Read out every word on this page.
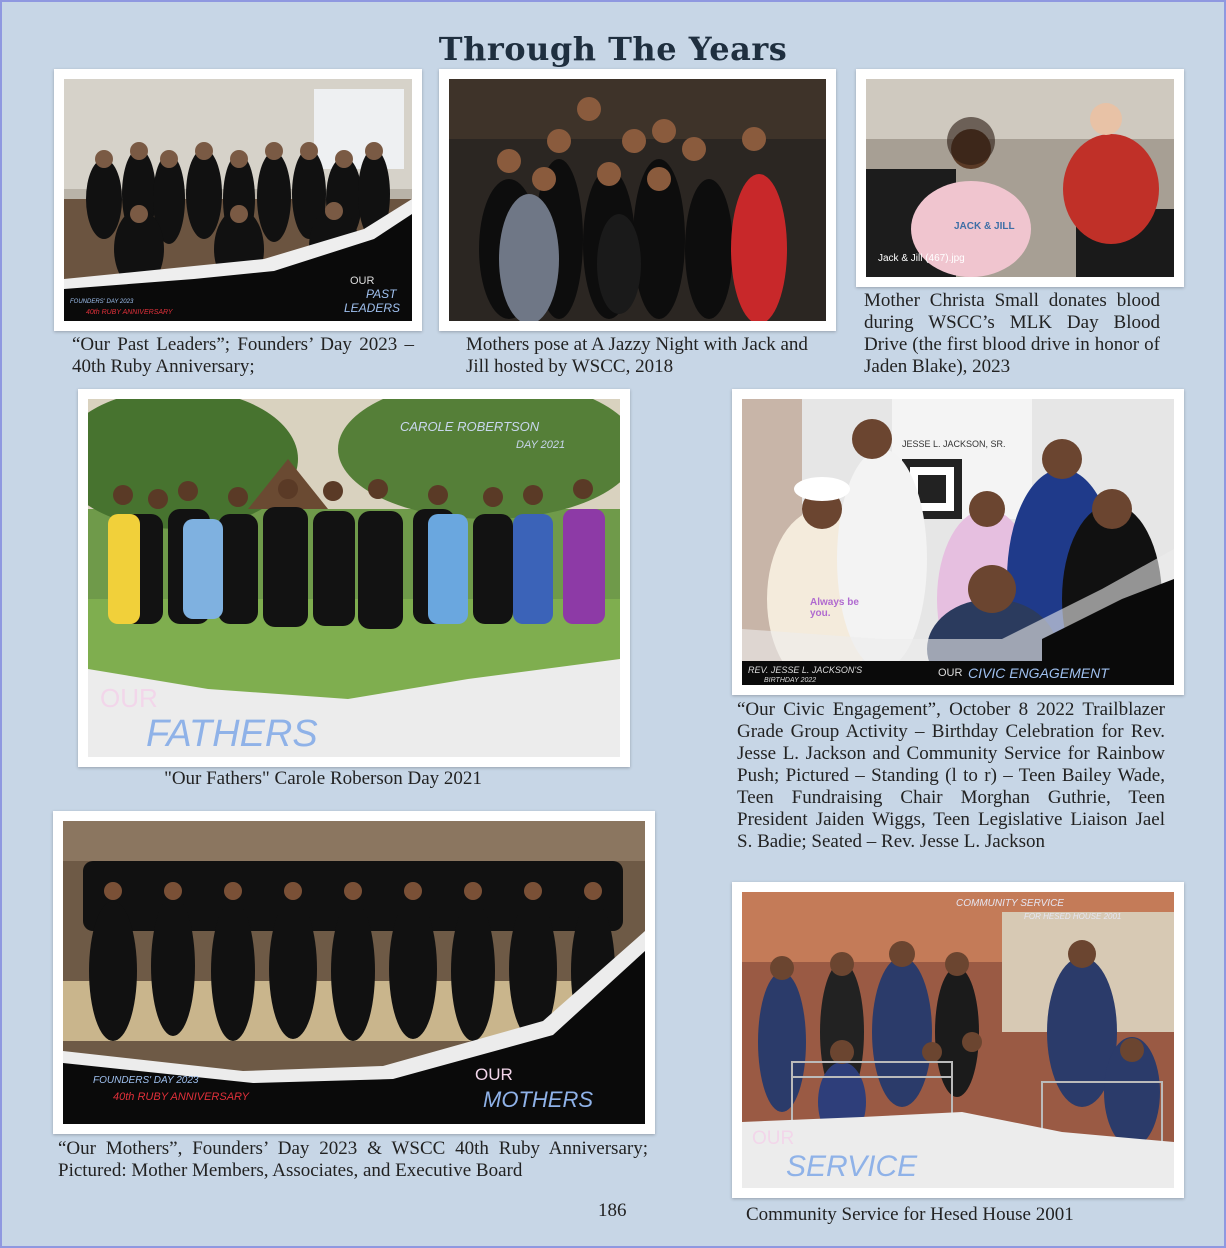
Through The Years
OUR
PAST
LEADERS
FOUNDERS' DAY 2023
40th RUBY ANNIVERSARY

“Our Past Leaders”; Founders’ Day 2023 – 40th Ruby Anniversary;

Mothers pose at A Jazzy Night with Jack and Jill hosted by WSCC, 2018

JACK & JILL
Jack & Jill (467).jpg

Mother Christa Small donates blood during WSCC’s MLK Day Blood Drive (the first blood drive in honor of Jaden Blake), 2023

CAROLE ROBERTSON
DAY 2021
OUR
FATHERS

"Our Fathers" Carole Roberson Day 2021

JESSE L. JACKSON, SR.
Always be you.
REV. JESSE L. JACKSON'S
BIRTHDAY 2022
OUR CIVIC ENGAGEMENT

“Our Civic Engagement”, October 8 2022 Trailblazer Grade Group Activity – Birthday Celebration for Rev. Jesse L. Jackson and Community Service for Rainbow Push; Pictured – Standing (l to r) – Teen Bailey Wade, Teen Fundraising Chair Morghan Guthrie, Teen President Jaiden Wiggs, Teen Legislative Liaison Jael S. Badie; Seated – Rev. Jesse L. Jackson

FOUNDERS' DAY 2023
40th RUBY ANNIVERSARY
OUR
MOTHERS

“Our Mothers”, Founders’ Day 2023 & WSCC 40th Ruby Anniversary; Pictured: Mother Members, Associates, and Executive Board

COMMUNITY SERVICE
FOR HESED HOUSE 2001
OUR
SERVICE

Community Service for Hesed House 2001

186
